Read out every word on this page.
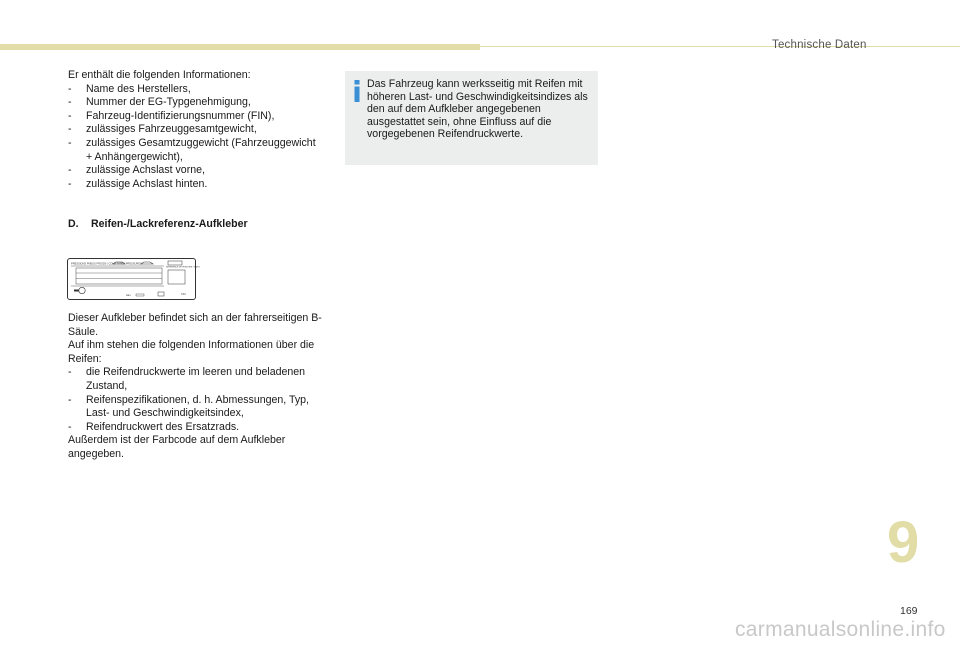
Technische Daten

Er enthält die folgenden Informationen:

- Name des Herstellers,
- Nummer der EG-Typgenehmigung,
- Fahrzeug-Identifizierungsnummer (FIN),
- zulässiges Fahrzeuggesamtgewicht,
- zulässiges Gesamtzuggewicht (Fahrzeuggewicht + Anhängergewicht),
- zulässige Achslast vorne,
- zulässige Achslast hinten.
D. Reifen-/Lackreferenz-Aufkleber
PRESSIONS PNEUS FROIDS / COLD TYRES PRESSURES
REFERENCE DE PEINTURE / PAINT
bars	XXX

Dieser Aufkleber befindet sich an der fahrerseitigen B-Säule.

Auf ihm stehen die folgenden Informationen über die Reifen:

- die Reifendruckwerte im leeren und beladenen Zustand,
- Reifenspezifikationen, d. h. Abmessungen, Typ, Last- und Geschwindigkeitsindex,
- Reifendruckwert des Ersatzrads.

Außerdem ist der Farbcode auf dem Aufkleber angegeben.

Das Fahrzeug kann werksseitig mit Reifen mit höheren Last- und Geschwindigkeitsindizes als den auf dem Aufkleber angegebenen ausgestattet sein, ohne Einfluss auf die vorgegebenen Reifendruckwerte.
9
169
carmanualsonline.info
